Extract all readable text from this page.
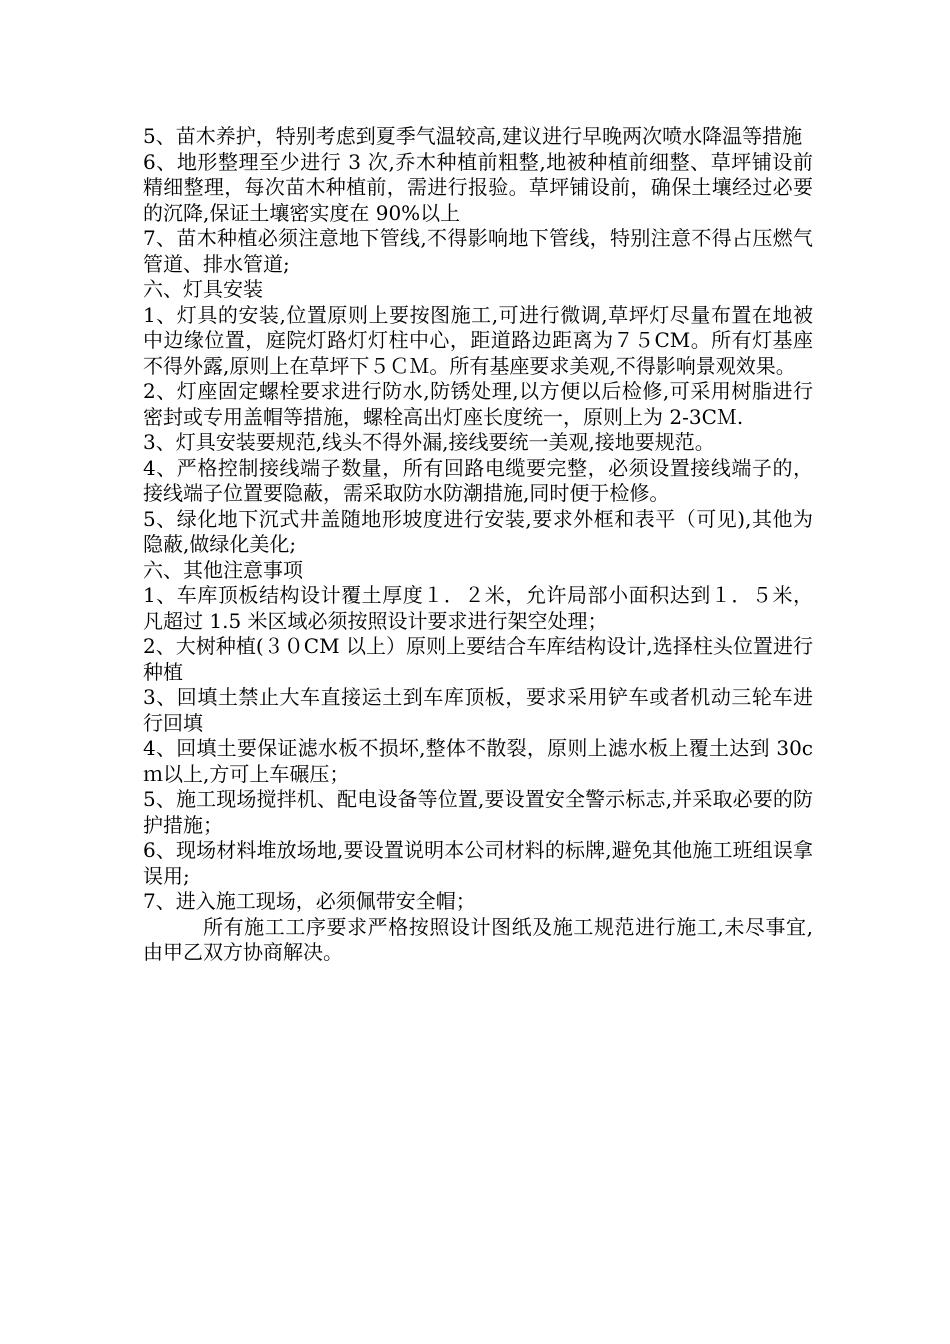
5、苗木养护，特别考虑到夏季气温较高,建议进行早晚两次喷水降温等措施

6、地形整理至少进行 3 次,乔木种植前粗整,地被种植前细整、草坪铺设前精细整理，每次苗木种植前，需进行报验。草坪铺设前，确保土壤经过必要的沉降,保证土壤密实度在 90%以上

7、苗木种植必须注意地下管线,不得影响地下管线，特别注意不得占压燃气管道、排水管道;

六、灯具安装

1、灯具的安装,位置原则上要按图施工,可进行微调,草坪灯尽量布置在地被中边缘位置，庭院灯路灯灯柱中心，距道路边距离为７５CM。所有灯基座不得外露,原则上在草坪下５ＣＭ。所有基座要求美观,不得影响景观效果。

2、灯座固定螺栓要求进行防水,防锈处理,以方便以后检修,可采用树脂进行密封或专用盖帽等措施，螺栓高出灯座长度统一，原则上为 2-3CＭ.

3、灯具安装要规范,线头不得外漏,接线要统一美观,接地要规范。

4、严格控制接线端子数量，所有回路电缆要完整，必须设置接线端子的，接线端子位置要隐蔽，需采取防水防潮措施,同时便于检修。

5、绿化地下沉式井盖随地形坡度进行安装,要求外框和表平（可见),其他为隐蔽,做绿化美化;

六、其他注意事项

1、车库顶板结构设计覆土厚度１．２米，允许局部小面积达到１．５米，凡超过 1.5 米区域必须按照设计要求进行架空处理；

2、大树种植(３０CM 以上）原则上要结合车库结构设计,选择柱头位置进行种植

3、回填土禁止大车直接运土到车库顶板，要求采用铲车或者机动三轮车进行回填

4、回填土要保证滤水板不损坏,整体不散裂，原则上滤水板上覆土达到 30cｍ以上,方可上车碾压；

5、施工现场搅拌机、配电设备等位置,要设置安全警示标志,并采取必要的防护措施；

6、现场材料堆放场地,要设置说明本公司材料的标牌,避免其他施工班组误拿误用;

7、进入施工现场，必须佩带安全帽；

所有施工工序要求严格按照设计图纸及施工规范进行施工,未尽事宜,由甲乙双方协商解决。
